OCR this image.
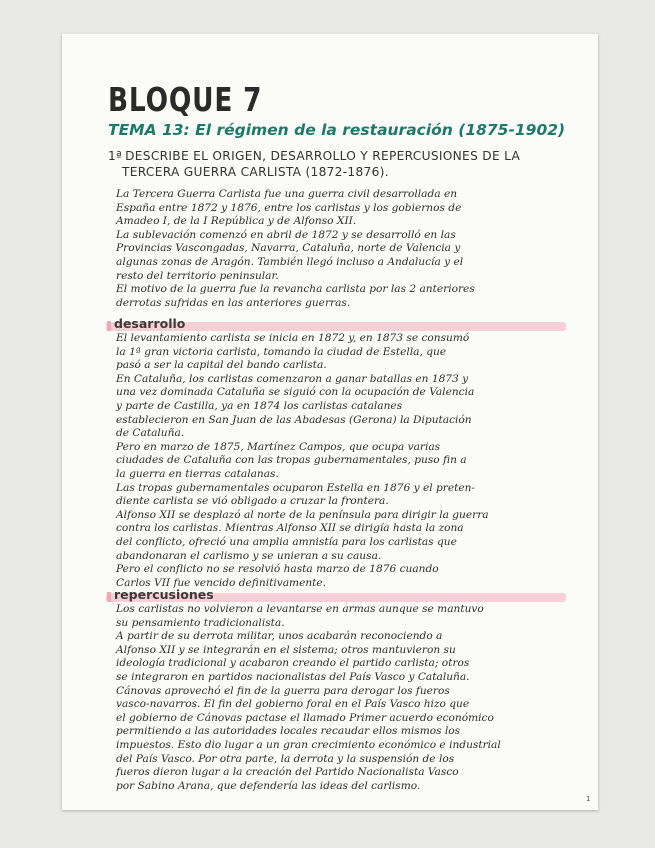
BLOQUE 7
TEMA 13: El régimen de la restauración (1875-1902)
1ª DESCRIBE EL ORIGEN, DESARROLLO Y REPERCUSIONES DE LA
TERCERA GUERRA CARLISTA (1872-1876).
La Tercera Guerra Carlista fue una guerra civil desarrollada en
España entre 1872 y 1876, entre los carlistas y los gobiernos de
Amadeo I, de la I República y de Alfonso XII.
La sublevación comenzó en abril de 1872 y se desarrolló en las
Provincias Vascongadas, Navarra, Cataluña, norte de Valencia y
algunas zonas de Aragón. También llegó incluso a Andalucía y el
resto del territorio peninsular.
El motivo de la guerra fue la revancha carlista por las 2 anteriores
derrotas sufridas en las anteriores guerras.
desarrollo
El levantamiento carlista se inicia en 1872 y, en 1873 se consumó
la 1ª gran victoria carlista, tomando la ciudad de Estella, que
pasó a ser la capital del bando carlista.
En Cataluña, los carlistas comenzaron a ganar batallas en 1873 y
una vez dominada Cataluña se siguió con la ocupación de Valencia
y parte de Castilla, ya en 1874 los carlistas catalanes
establecieron en San Juan de las Abadesas (Gerona) la Diputación
de Cataluña.
Pero en marzo de 1875, Martínez Campos, que ocupa varias
ciudades de Cataluña con las tropas gubernamentales, puso fin a
la guerra en tierras catalanas.
Las tropas gubernamentales ocuparon Estella en 1876 y el preten-
diente carlista se vió obligado a cruzar la frontera.
Alfonso XII se desplazó al norte de la península para dirigir la guerra
contra los carlistas. Mientras Alfonso XII se dirigía hasta la zona
del conflicto, ofreció una amplia amnistía para los carlistas que
abandonaran el carlismo y se unieran a su causa.
Pero el conflicto no se resolvió hasta marzo de 1876 cuando
Carlos VII fue vencido definitivamente.
repercusiones
Los carlistas no volvieron a levantarse en armas aunque se mantuvo
su pensamiento tradicionalista.
A partir de su derrota militar, unos acabarán reconociendo a
Alfonso XII y se integrarán en el sistema; otros mantuvieron su
ideología tradicional y acabaron creando el partido carlista; otros
se integraron en partidos nacionalistas del País Vasco y Cataluña.
Cánovas aprovechó el fin de la guerra para derogar los fueros
vasco-navarros. El fin del gobierno foral en el País Vasco hizo que
el gobierno de Cánovas pactase el llamado Primer acuerdo económico
permitiendo a las autoridades locales recaudar ellos mismos los
impuestos. Esto dio lugar a un gran crecimiento económico e industrial
del País Vasco. Por otra parte, la derrota y la suspensión de los
fueros dieron lugar a la creación del Partido Nacionalista Vasco
por Sabino Arana, que defendería las ideas del carlismo.
1
